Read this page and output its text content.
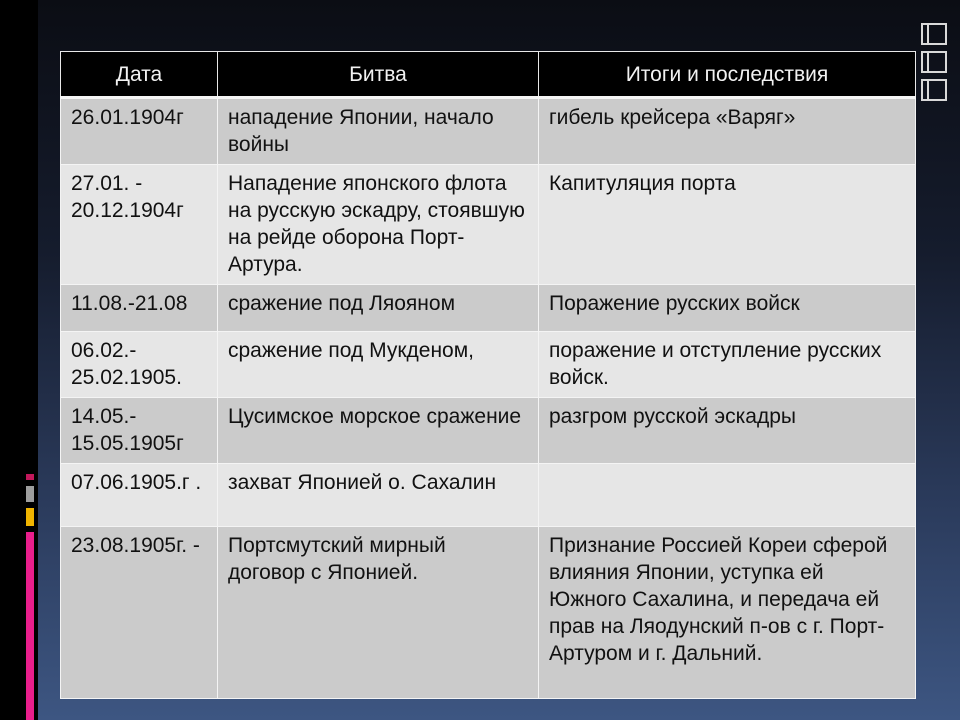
Дата	Битва	Итоги и последствия
26.01.1904г	нападение Японии, начало войны	гибель крейсера «Варяг»
27.01. - 20.12.1904г	Нападение японского флота на русскую эскадру, стоявшую на рейде оборона Порт-Артура.	Капитуляция порта
11.08.-21.08	сражение под Ляояном	Поражение русских войск
06.02.- 25.02.1905.	сражение под Мукденом,	поражение и отступление русских войск.
14.05.- 15.05.1905г	Цусимское морское сражение	разгром русской эскадры
07.06.1905.г .	захват Японией о. Сахалин	
23.08.1905г. -	Портсмутский мирный договор с Японией.	Признание Россией Кореи сферой влияния Японии, уступка ей Южного Сахалина, и передача ей прав на Ляодунский п-ов с г. Порт-Артуром и г. Дальний.
